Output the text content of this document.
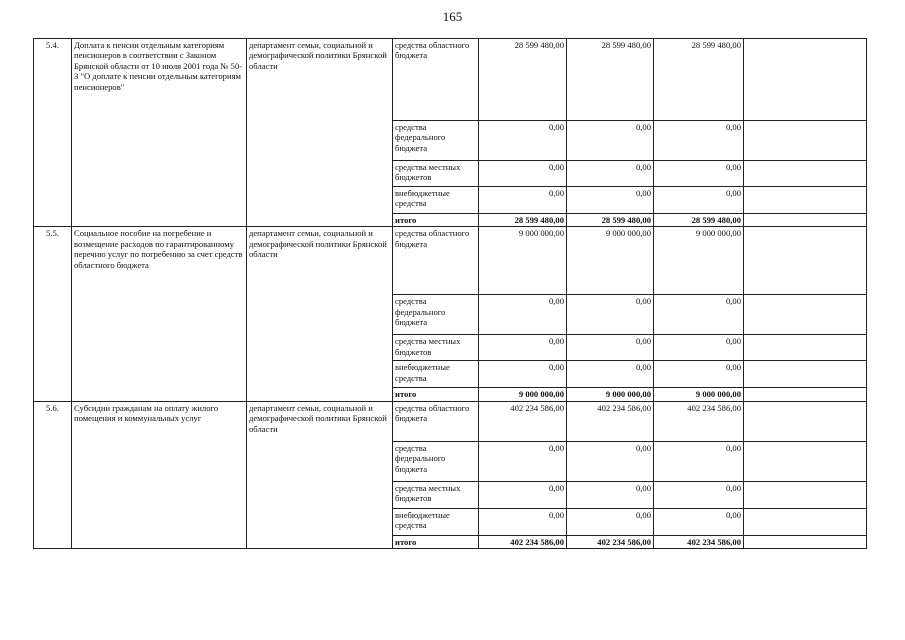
165
5.4.	Доплата к пенсии отдельным категориям пенсионеров в соответствии с Законом Брянской области от 10 июля 2001 года № 50-З "О доплате к пенсии отдельным категориям пенсионеров"	департамент семьи, социальной и демографической политики Брянской области	средства областного бюджета	28 599 480,00	28 599 480,00	28 599 480,00	
			средства федерального бюджета	0,00	0,00	0,00	
			средства местных бюджетов	0,00	0,00	0,00	
			внебюджетные средства	0,00	0,00	0,00	
			итого	28 599 480,00	28 599 480,00	28 599 480,00	
5.5.	Социальное пособие на погребение и возмещение расходов по гарантированному перечню услуг по погребению за счет средств областного бюджета	департамент семьи, социальной и демографической политики Брянской области	средства областного бюджета	9 000 000,00	9 000 000,00	9 000 000,00	
			средства федерального бюджета	0,00	0,00	0,00	
			средства местных бюджетов	0,00	0,00	0,00	
			внебюджетные средства	0,00	0,00	0,00	
			итого	9 000 000,00	9 000 000,00	9 000 000,00	
5.6.	Субсидии гражданам на оплату жилого помещения и коммунальных услуг	департамент семьи, социальной и демографической политики Брянской области	средства областного бюджета	402 234 586,00	402 234 586,00	402 234 586,00	
			средства федерального бюджета	0,00	0,00	0,00	
			средства местных бюджетов	0,00	0,00	0,00	
			внебюджетные средства	0,00	0,00	0,00	
			итого	402 234 586,00	402 234 586,00	402 234 586,00	
